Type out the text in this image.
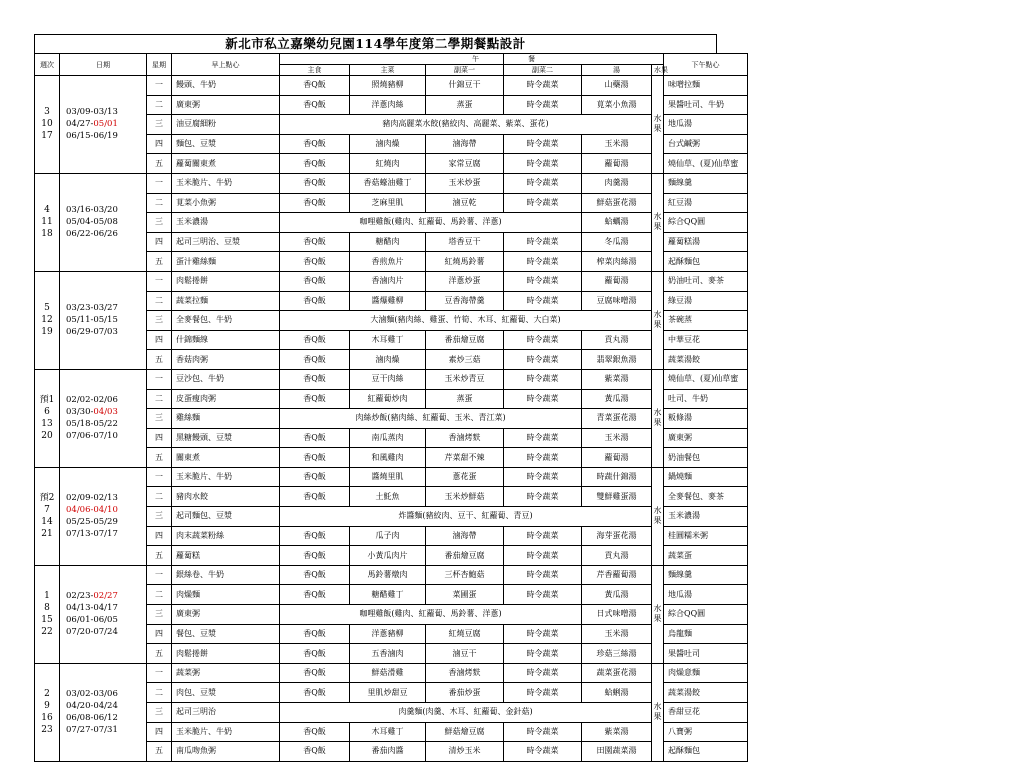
新北市私立嘉樂幼兒園114學年度第二學期餐點設計
週次	日期	星期	早上點心	午			餐			下午點心
				主食	主菜	副菜一	副菜二	湯	水果	
3
10
17	03/09-03/13
04/27-05/01
06/15-06/19	一	饅頭、牛奶	香Q飯	照燒豬柳	什錦豆干	時令蔬菜	山藥湯	水果	味噌拉麵
		二	廣東粥	香Q飯	洋蔥肉絲	蒸蛋	時令蔬菜	莧菜小魚湯		果醬吐司、牛奶
		三	油豆腐細粉	豬肉高麗菜水餃(豬絞肉、高麗菜、紫菜、蛋花)						地瓜湯
		四	麵包、豆漿	香Q飯	滷肉燥	滷海帶	時令蔬菜	玉米湯		台式鹹粥
		五	蘿蔔關東煮	香Q飯	紅燒肉	家常豆腐	時令蔬菜	蘿蔔湯		燒仙草、(夏)仙草蜜
4
11
18	03/16-03/20
05/04-05/08
06/22-06/26	一	玉米脆片、牛奶	香Q飯	香菇蠔油雞丁	玉米炒蛋	時令蔬菜	肉羹湯	水果	麵線羹
		二	莧菜小魚粥	香Q飯	芝麻里肌	滷豆乾	時令蔬菜	鮮菇蛋花湯		紅豆湯
		三	玉米濃湯	咖哩雞飯(雞肉、紅蘿蔔、馬鈴薯、洋蔥)				蛤蠣湯		綜合QQ圓
		四	起司三明治、豆漿	香Q飯	糖醋肉	塔香豆干	時令蔬菜	冬瓜湯		蘿蔔糕湯
		五	蛋汁雞絲麵	香Q飯	香煎魚片	紅燒馬鈴薯	時令蔬菜	榨菜肉絲湯		起酥麵包
5
12
19	03/23-03/27
05/11-05/15
06/29-07/03	一	肉鬆捲餅	香Q飯	香滷肉片	洋蔥炒蛋	時令蔬菜	蘿蔔湯	水果	奶油吐司、麥茶
		二	蔬菜拉麵	香Q飯	醬爆雞柳	豆香海帶羹	時令蔬菜	豆腐味噌湯		綠豆湯
		三	全麥餐包、牛奶	大滷麵(豬肉絲、雞蛋、竹筍、木耳、紅蘿蔔、大白菜)						茶碗蒸
		四	什錦麵線	香Q飯	木耳雞丁	番茄燴豆腐	時令蔬菜	貢丸湯		中華豆花
		五	香菇肉粥	香Q飯	滷肉燥	素炒三菇	時令蔬菜	翡翠銀魚湯		蔬菜湯餃
預1
6
13
20	02/02-02/06
03/30-04/03
05/18-05/22
07/06-07/10	一	豆沙包、牛奶	香Q飯	豆干肉絲	玉米炒青豆	時令蔬菜	紫菜湯	水果	燒仙草、(夏)仙草蜜
		二	皮蛋瘦肉粥	香Q飯	紅蘿蔔炒肉	蒸蛋	時令蔬菜	黃瓜湯		吐司、牛奶
		三	雞絲麵	肉絲炒飯(豬肉絲、紅蘿蔔、玉米、青江菜)				青菜蛋花湯		粄條湯
		四	黑糖饅頭、豆漿	香Q飯	南瓜蒸肉	香滷烤麩	時令蔬菜	玉米湯		廣東粥
		五	關東煮	香Q飯	和風雞肉	芹菜甜不辣	時令蔬菜	蘿蔔湯		奶油餐包
預2
7
14
21	02/09-02/13
04/06-04/10
05/25-05/29
07/13-07/17	一	玉米脆片、牛奶	香Q飯	醬燒里肌	蔥花蛋	時令蔬菜	時蔬什錦湯	水果	鍋燒麵
		二	豬肉水餃	香Q飯	土魠魚	玉米炒鮮菇	時令蔬菜	雙鮮雞蛋湯		全麥餐包、麥茶
		三	起司麵包、豆漿	炸醬麵(豬絞肉、豆干、紅蘿蔔、青豆)						玉米濃湯
		四	肉末蔬菜粉絲	香Q飯	瓜子肉	滷海帶	時令蔬菜	海芽蛋花湯		桂圓糯米粥
		五	蘿蔔糕	香Q飯	小黃瓜肉片	番茄燴豆腐	時令蔬菜	貢丸湯		蔬菜蛋
1
8
15
22	02/23-02/27
04/13-04/17
06/01-06/05
07/20-07/24	一	銀絲卷、牛奶	香Q飯	馬鈴薯燉肉	三杯杏鮑菇	時令蔬菜	芹香蘿蔔湯	水果	麵線羹
		二	肉燥麵	香Q飯	糖醋雞丁	菜圃蛋	時令蔬菜	黃瓜湯		地瓜湯
		三	廣東粥	咖哩雞飯(雞肉、紅蘿蔔、馬鈴薯、洋蔥)				日式味噌湯		綜合QQ圓
		四	餐包、豆漿	香Q飯	洋蔥豬柳	紅燒豆腐	時令蔬菜	玉米湯		烏龍麵
		五	肉鬆捲餅	香Q飯	五香滷肉	滷豆干	時令蔬菜	珍菇三絲湯		果醬吐司
2
9
16
23	03/02-03/06
04/20-04/24
06/08-06/12
07/27-07/31	一	蔬菜粥	香Q飯	鮮菇滑雞	香滷烤麩	時令蔬菜	蔬菜蛋花湯	水果	肉燥意麵
		二	肉包、豆漿	香Q飯	里肌炒甜豆	番茄炒蛋	時令蔬菜	蛤蜊湯		蔬菜湯餃
		三	起司三明治	肉羹麵(肉羹、木耳、紅蘿蔔、金針菇)						香甜豆花
		四	玉米脆片、牛奶	香Q飯	木耳雞丁	鮮菇燴豆腐	時令蔬菜	紫菜湯		八寶粥
		五	南瓜吻魚粥	香Q飯	番茄肉醬	清炒玉米	時令蔬菜	田園蔬菜湯		起酥麵包
